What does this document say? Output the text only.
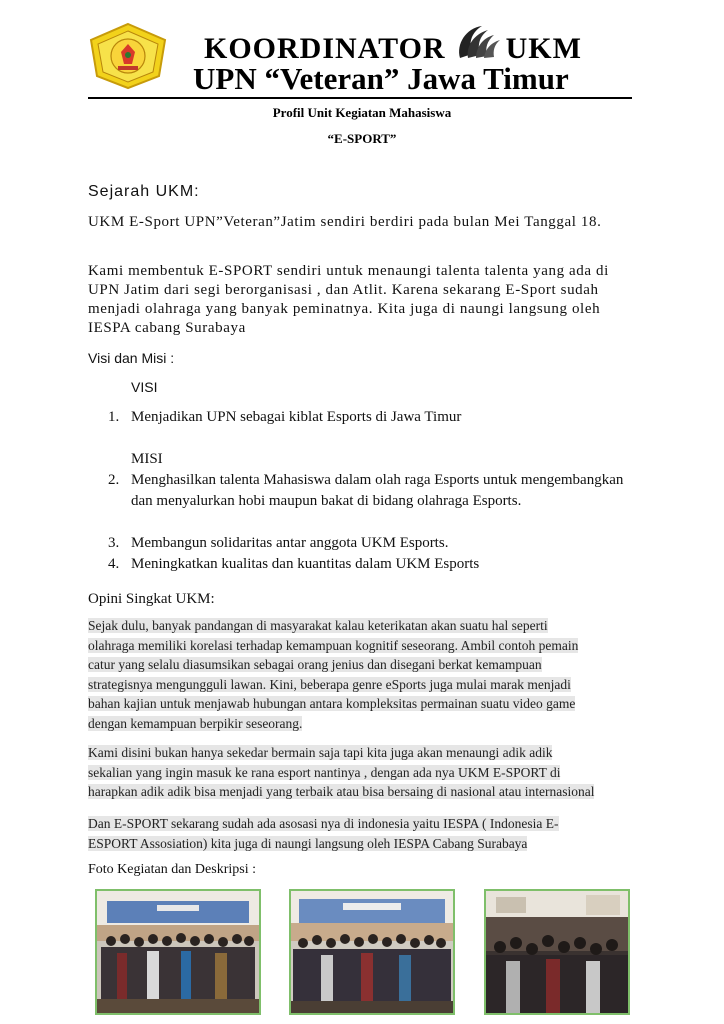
KOORDINATOR UKM
UPN “Veteran” Jawa Timur
Profil Unit Kegiatan Mahasiswa
“E-SPORT”
Sejarah UKM:
UKM E-Sport UPN”Veteran”Jatim sendiri berdiri pada bulan Mei Tanggal 18.
Kami membentuk E-SPORT sendiri untuk menaungi talenta talenta yang ada di UPN Jatim dari segi berorganisasi , dan Atlit. Karena sekarang E-Sport sudah menjadi olahraga yang banyak peminatnya. Kita juga di naungi langsung oleh IESPA cabang Surabaya
Visi dan Misi :
VISI
1. Menjadikan UPN sebagai kiblat Esports di Jawa Timur
MISI
2. Menghasilkan talenta Mahasiswa dalam olah raga Esports untuk mengembangkan dan menyalurkan hobi maupun bakat di bidang olahraga Esports.
3. Membangun solidaritas antar anggota UKM Esports.
4. Meningkatkan kualitas dan kuantitas dalam UKM Esports
Opini Singkat UKM:
Sejak dulu, banyak pandangan di masyarakat kalau keterikatan akan suatu hal seperti
olahraga memiliki korelasi terhadap kemampuan kognitif seseorang. Ambil contoh pemain
catur yang selalu diasumsikan sebagai orang jenius dan disegani berkat kemampuan
strategisnya mengungguli lawan. Kini, beberapa genre eSports juga mulai marak menjadi
bahan kajian untuk menjawab hubungan antara kompleksitas permainan suatu video game
dengan kemampuan berpikir seseorang.
Kami disini bukan hanya sekedar bermain saja tapi kita juga akan menaungi adik adik
sekalian yang ingin masuk ke rana esport nantinya , dengan ada nya UKM E-SPORT di
harapkan adik adik bisa menjadi yang terbaik atau bisa bersaing di nasional atau internasional
Dan E-SPORT sekarang sudah ada asosasi nya di indonesia yaitu IESPA ( Indonesia E-
ESPORT Assosiation) kita juga di naungi langsung oleh IESPA Cabang Surabaya
Foto Kegiatan dan Deskripsi :
